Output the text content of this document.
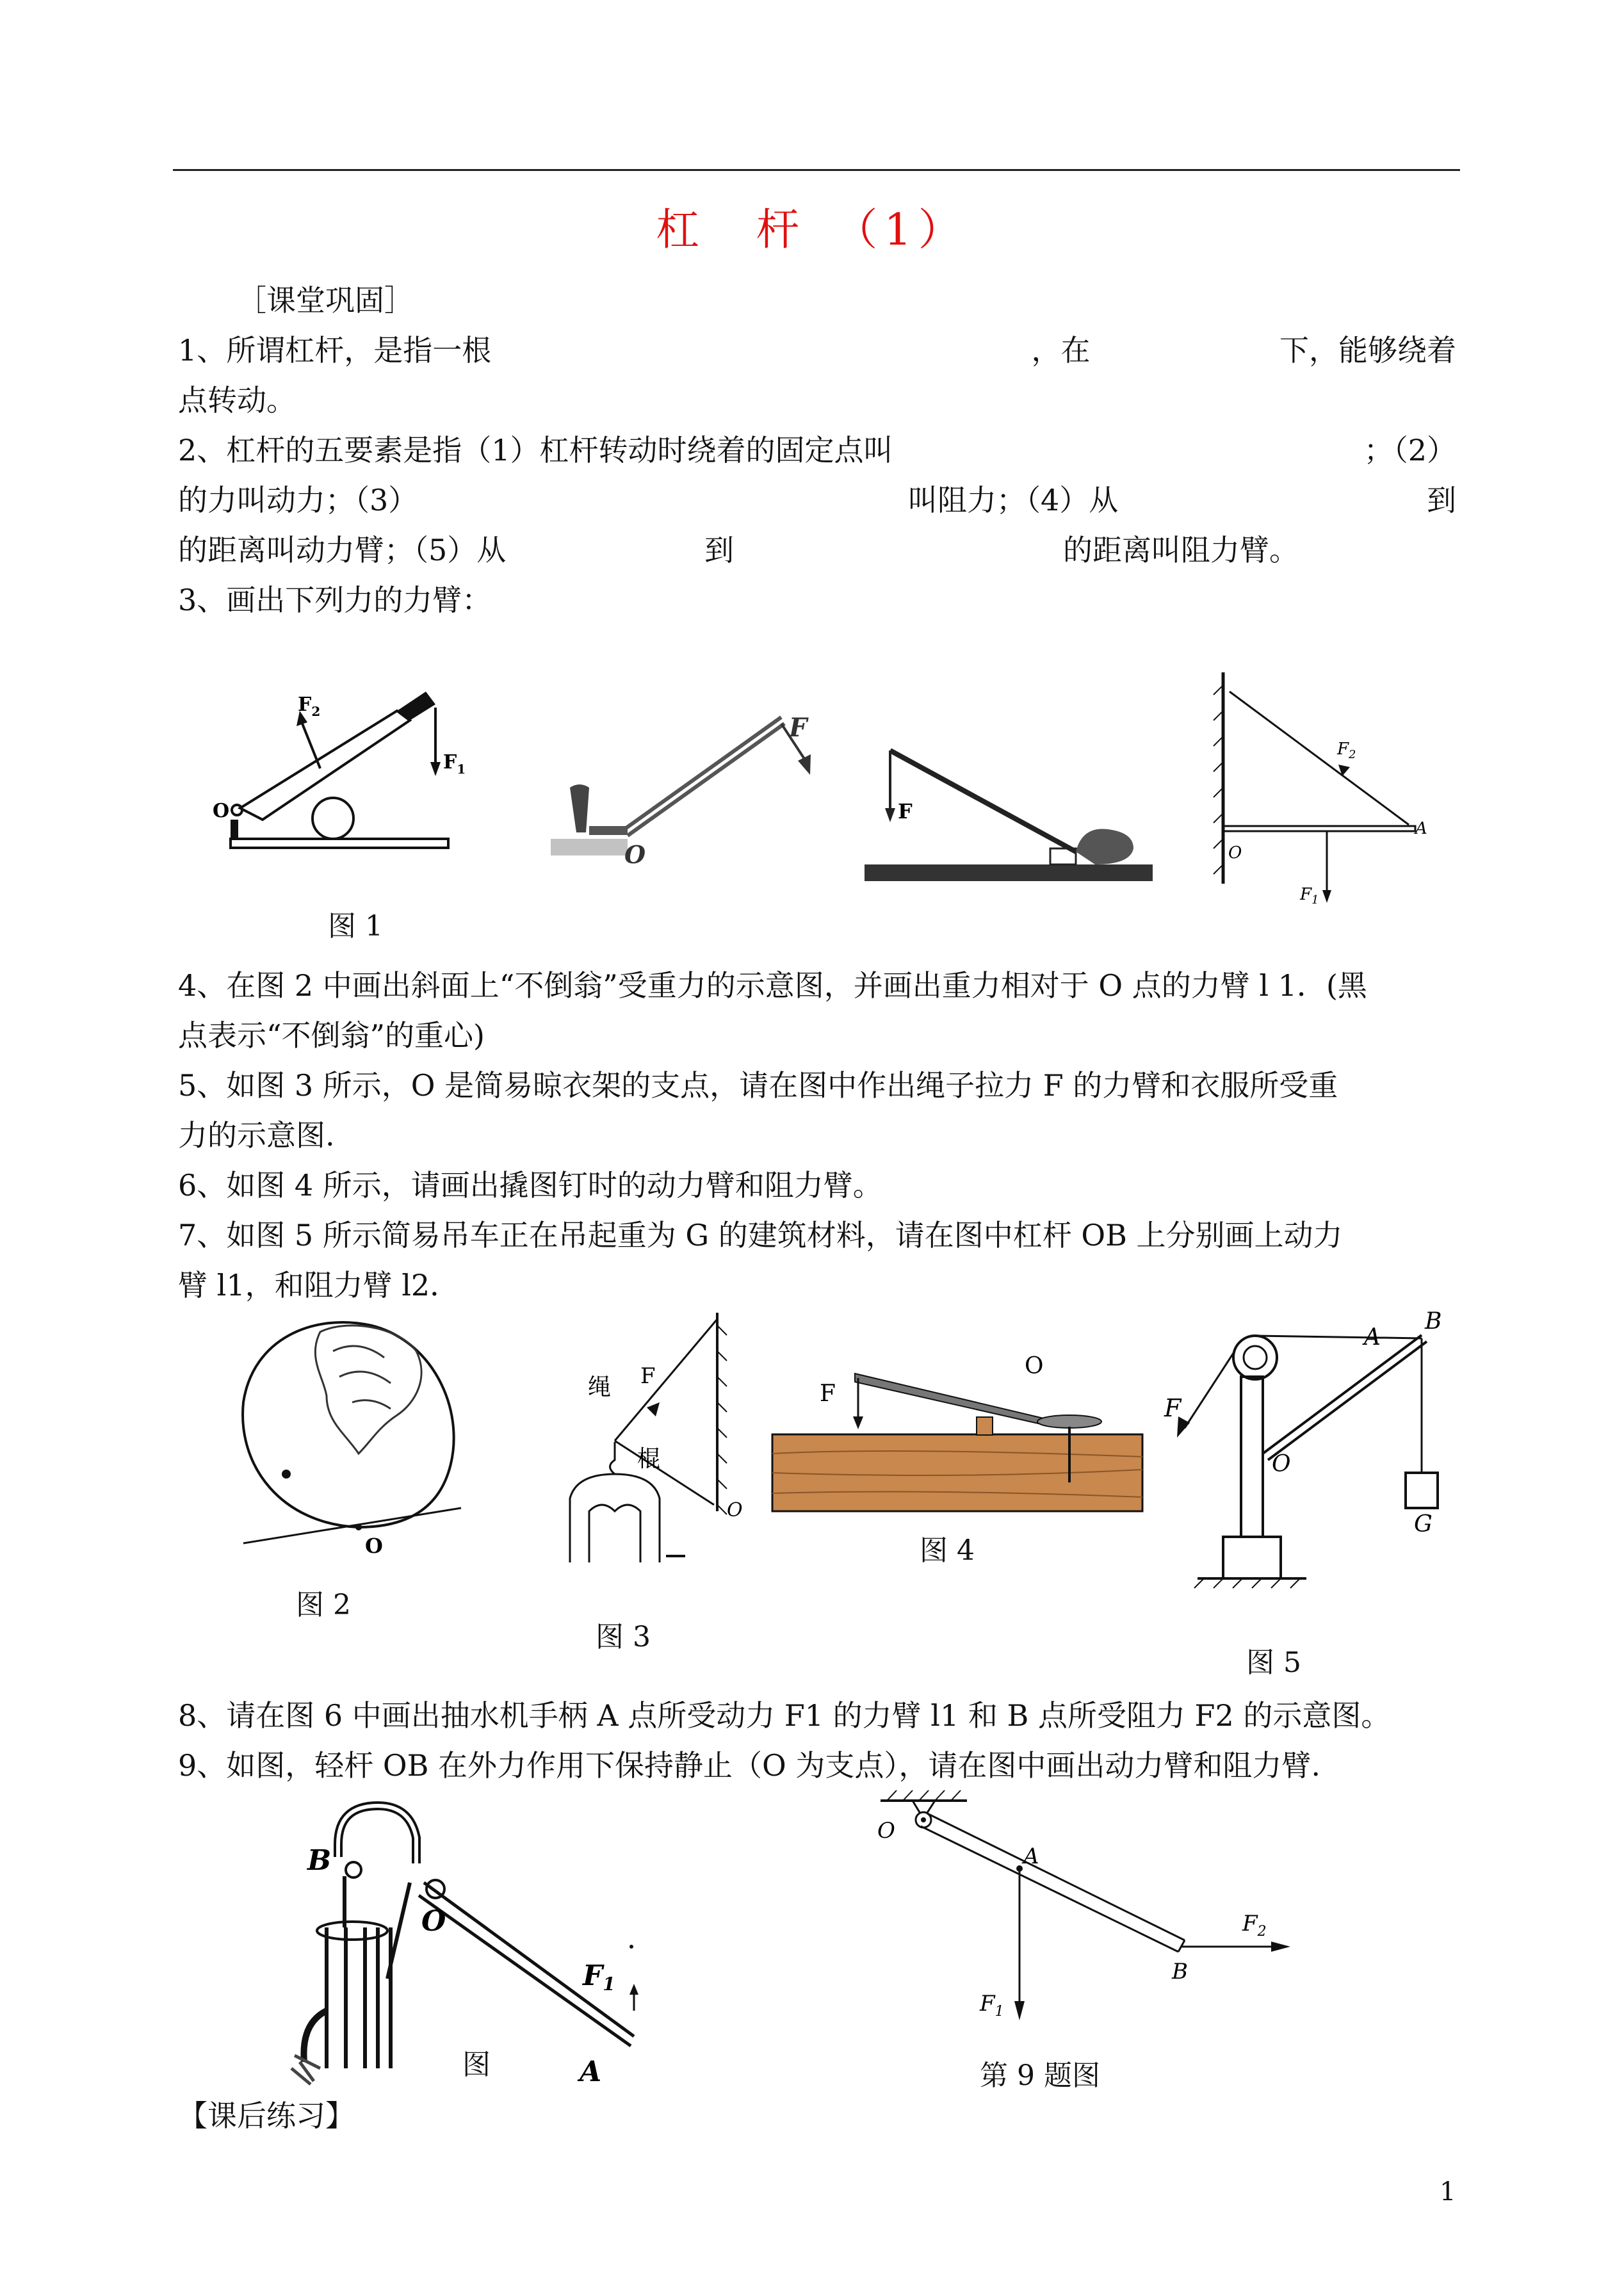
杠　杆　（1）
［课堂巩固］
1、所谓杠杆，是指一根	，在	下，能够绕着
点转动。
2、杠杆的五要素是指（1）杠杆转动时绕着的固定点叫	；（2）
的力叫动力；（3）	叫阻力；（4）从	到
的距离叫动力臂；（5）从	到	的距离叫阻力臂。
3、画出下列力的力臂：
$F_2$
$F_1$
O
图 1
F
O
F
$F_2$
$F_1$
A
O
4、在图 2 中画出斜面上“不倒翁”受重力的示意图，并画出重力相对于 O 点的力臂 l 1．(黑
点表示“不倒翁”的重心)
5、如图 3 所示，O 是简易晾衣架的支点，请在图中作出绳子拉力 F 的力臂和衣服所受重
力的示意图.
6、如图 4 所示，请画出撬图钉时的动力臂和阻力臂。
7、如图 5 所示简易吊车正在吊起重为 G 的建筑材料，请在图中杠杆 OB 上分别画上动力
臂 l1，和阻力臂 l2．
O
图 2
F
绳
棍
O
图 3
F
O
图 4
F
A
B
O
G
图 5
8、请在图 6 中画出抽水机手柄 A 点所受动力 F1 的力臂 l1 和 B 点所受阻力 F2 的示意图。
9、如图，轻杆 OB 在外力作用下保持静止（O 为支点），请在图中画出动力臂和阻力臂.
B
O
F1
A
图
O
A
B
$F_1$
$F_2$
第 9 题图
【课后练习】
1
